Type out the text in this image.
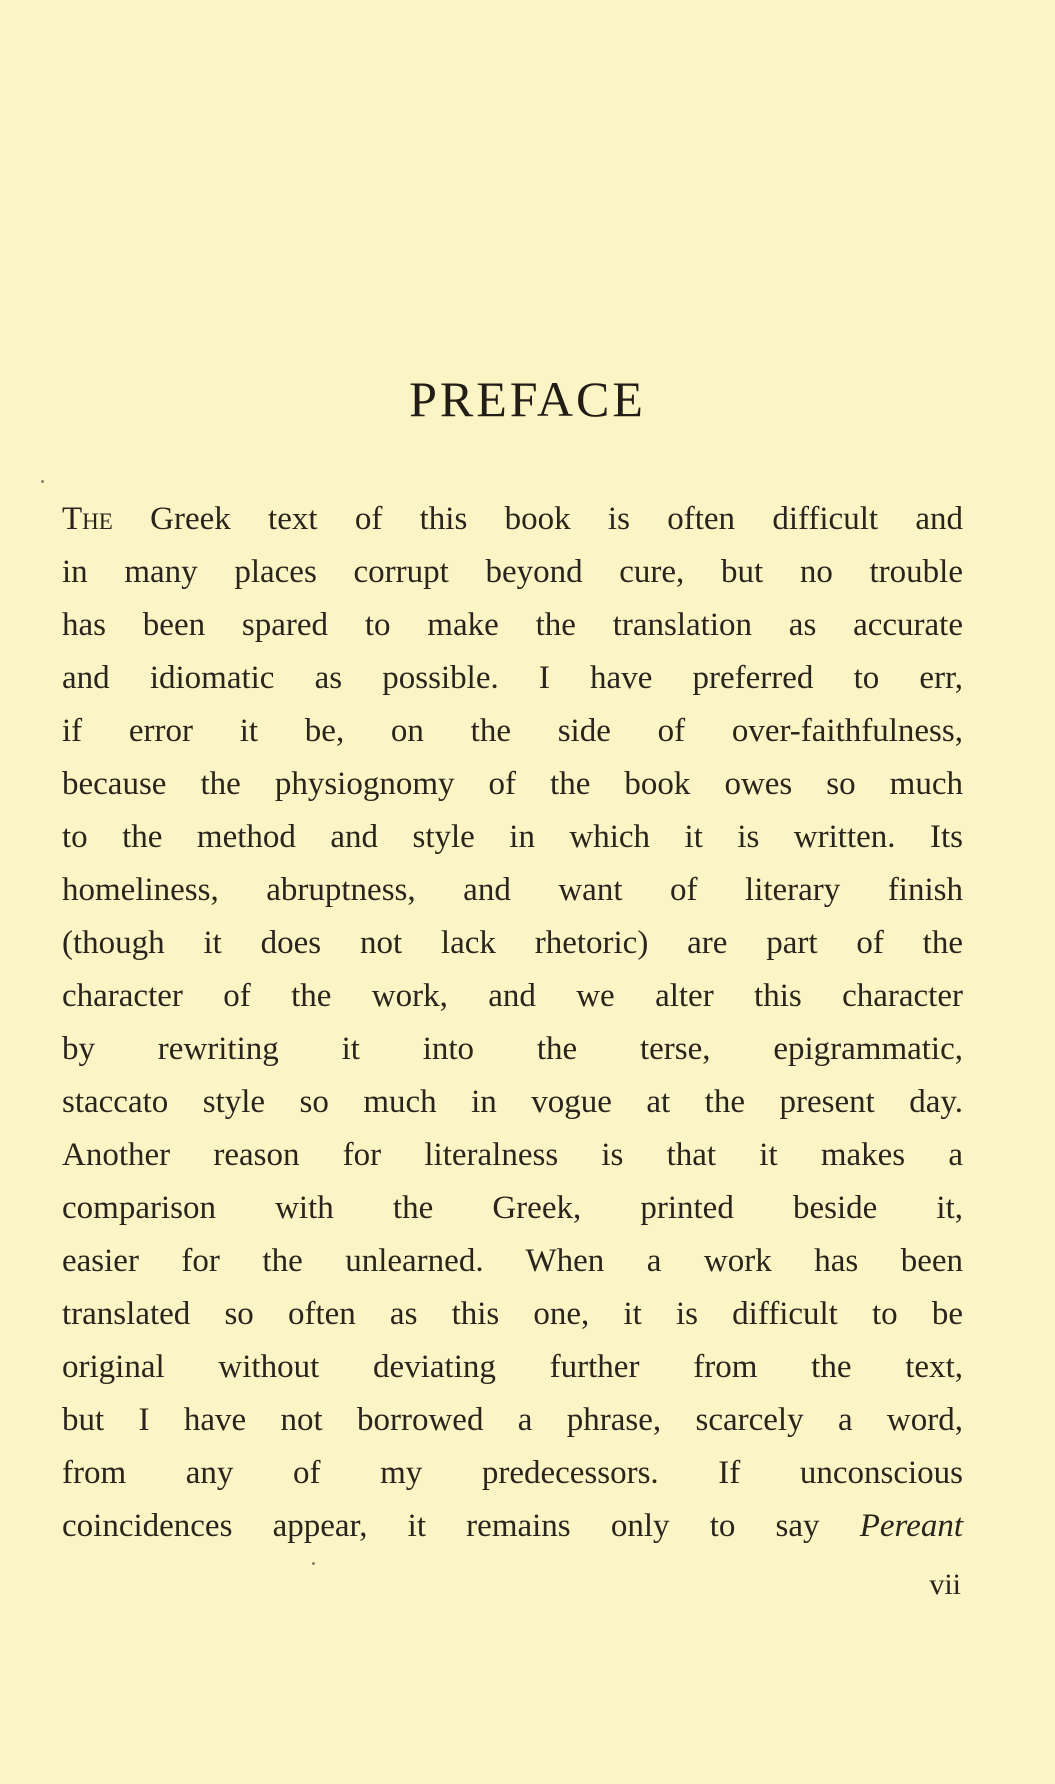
PREFACE
The Greek text of this book is often difficult and
in many places corrupt beyond cure, but no trouble
has been spared to make the translation as accurate
and idiomatic as possible. I have preferred to err,
if error it be, on the side of over-faithfulness,
because the physiognomy of the book owes so much
to the method and style in which it is written. Its
homeliness, abruptness, and want of literary finish
(though it does not lack rhetoric) are part of the
character of the work, and we alter this character
by rewriting it into the terse, epigrammatic,
staccato style so much in vogue at the present day.
Another reason for literalness is that it makes a
comparison with the Greek, printed beside it,
easier for the unlearned. When a work has been
translated so often as this one, it is difficult to be
original without deviating further from the text,
but I have not borrowed a phrase, scarcely a word,
from any of my predecessors. If unconscious
coincidences appear, it remains only to say Pereant
vii
